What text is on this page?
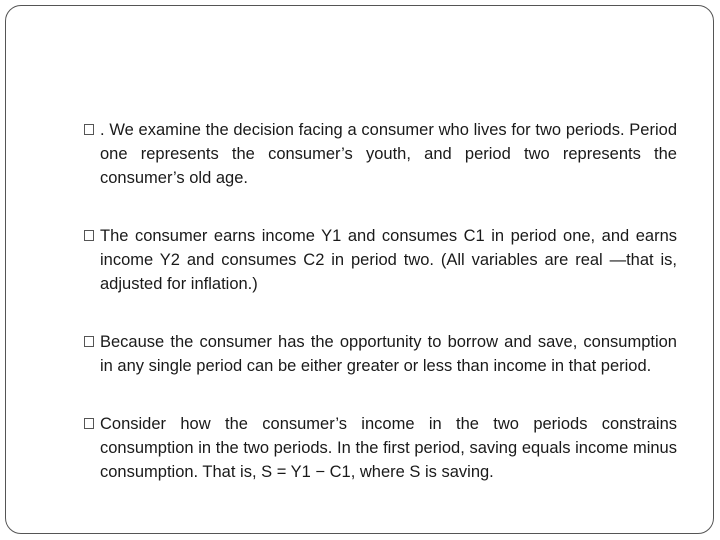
. We examine the decision facing a consumer who lives for two periods. Period one represents the consumer’s youth, and period two represents the consumer’s old age.
The consumer earns income Y1 and consumes C1 in period one, and earns income Y2 and consumes C2 in period two. (All variables are real —that is, adjusted for inflation.)
Because the consumer has the opportunity to borrow and save, consumption in any single period can be either greater or less than income in that period.
Consider how the consumer’s income in the two periods constrains consumption in the two periods. In the first period, saving equals income minus consumption. That is, S = Y1 − C1, where S is saving.
